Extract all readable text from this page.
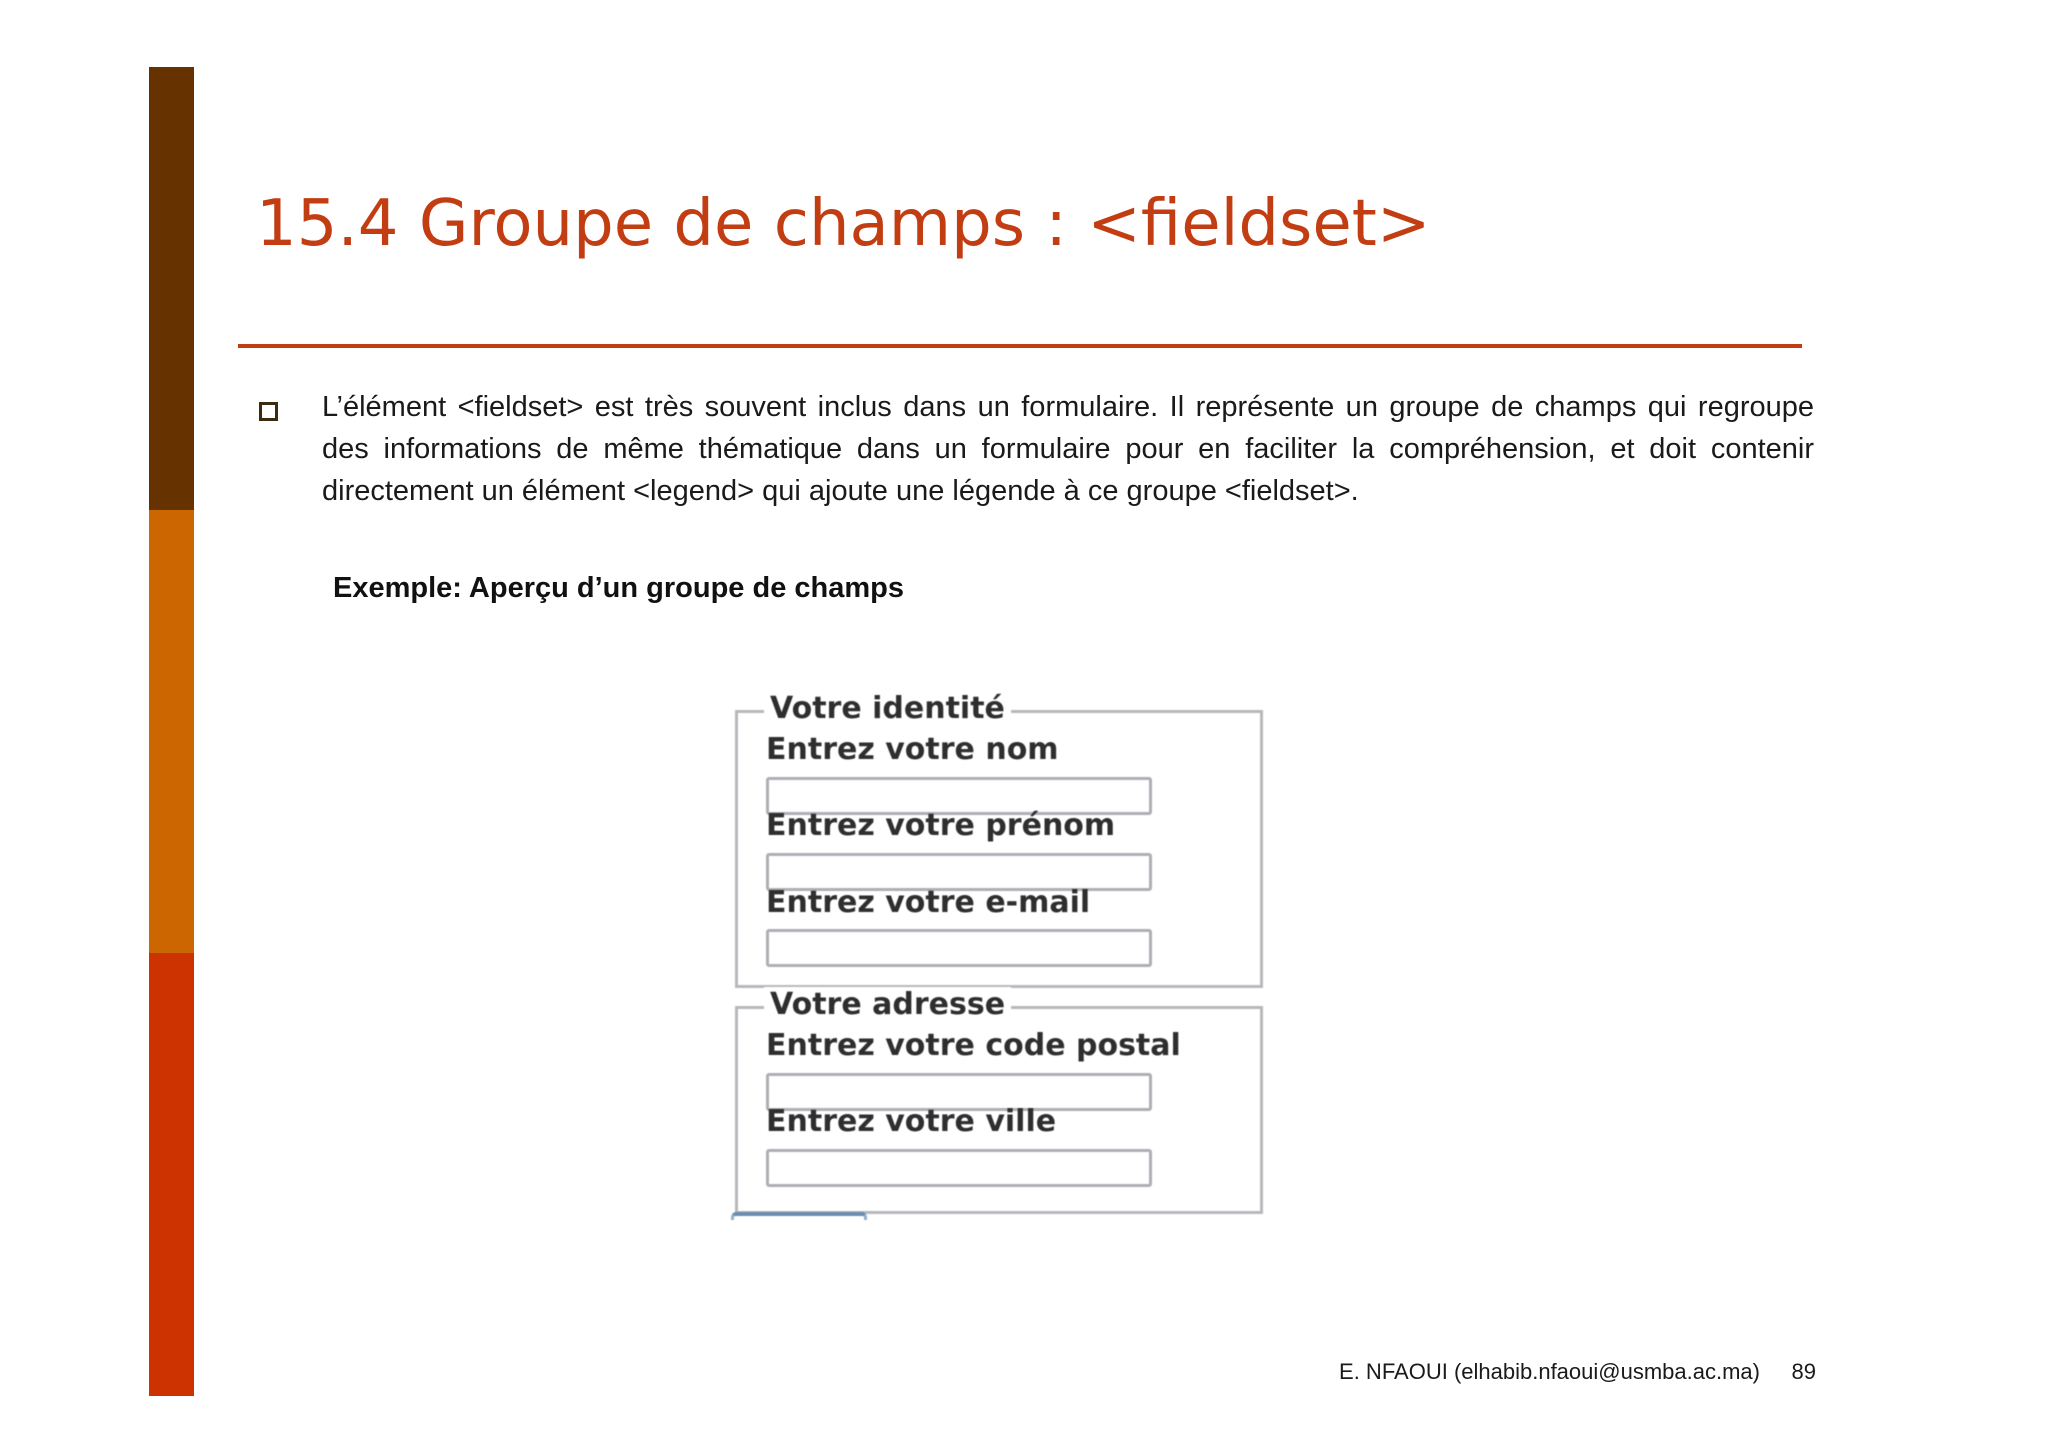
15.4 Groupe de champs : <fieldset>

L’élément <fieldset> est très souvent inclus dans un formulaire. Il représente un groupe de champs qui regroupe des informations de même thématique dans un formulaire pour en faciliter la compréhension, et doit contenir directement un élément <legend> qui ajoute une légende à ce groupe <fieldset>.

Exemple: Aperçu d’un groupe de champs

Votre identité
Entrez votre nom
Entrez votre prénom
Entrez votre e-mail
Votre adresse
Entrez votre code postal
Entrez votre ville

E. NFAOUI (elhabib.nfaoui@usmba.ac.ma)	89
